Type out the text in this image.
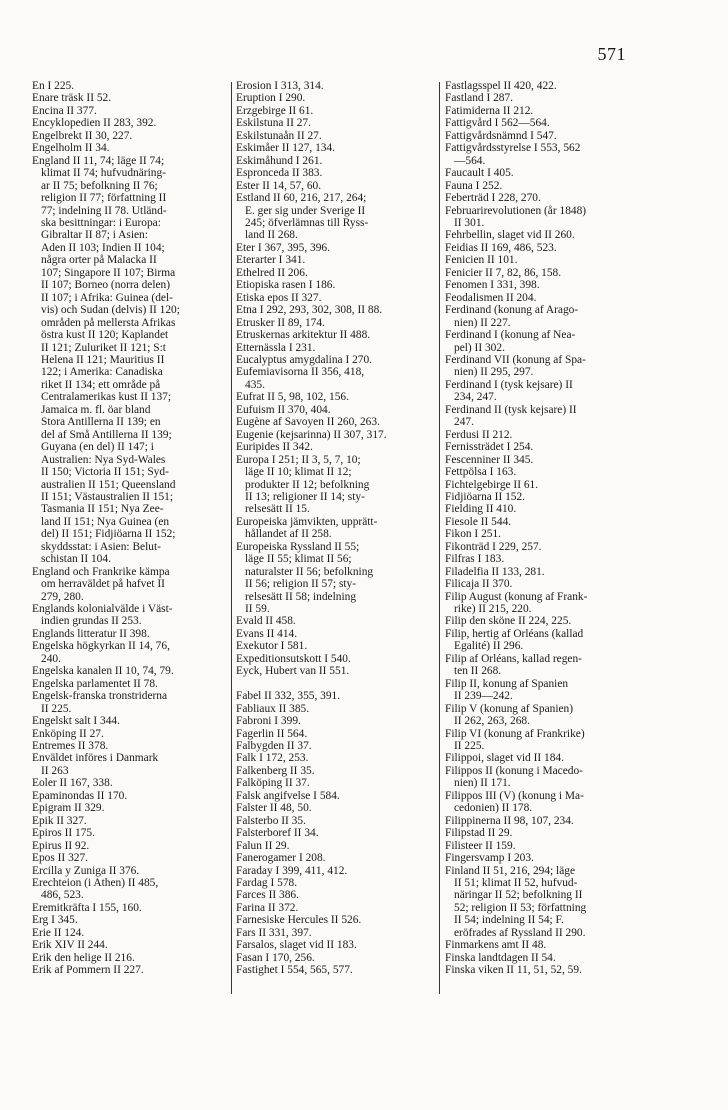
571

En I 225.

Enare träsk II 52.

Encina II 377.

Encyklopedien II 283, 392.

Engelbrekt II 30, 227.

Engelholm II 34.

England II 11, 74; läge II 74;

klimat II 74; hufvudnäring-

ar II 75; befolkning II 76;

religion II 77; författning II

77; indelning II 78. Utländ-

ska besittningar: i Europa:

Gibraltar II 87; i Asien:

Aden II 103; Indien II 104;

några orter på Malacka II

107; Singapore II 107; Birma

II 107; Borneo (norra delen)

II 107; i Afrika: Guinea (del-

vis) och Sudan (delvis) II 120;

områden på mellersta Afrikas

östra kust II 120; Kaplandet

II 121; Zuluriket II 121; S:t

Helena II 121; Mauritius II

122; i Amerika: Canadiska

riket II 134; ett område på

Centralamerikas kust II 137;

Jamaica m. fl. öar bland

Stora Antillerna II 139; en

del af Små Antillerna II 139;

Guyana (en del) II 147; i

Australien: Nya Syd-Wales

II 150; Victoria II 151; Syd-

australien II 151; Queensland

II 151; Västaustralien II 151;

Tasmania II 151; Nya Zee-

land II 151; Nya Guinea (en

del) II 151; Fidjiöarna II 152;

skyddsstat: i Asien: Belut-

schistan II 104.

England och Frankrike kämpa

om herraväldet på hafvet II

279, 280.

Englands kolonialvälde i Väst-

indien grundas II 253.

Englands litteratur II 398.

Engelska högkyrkan II 14, 76,

240.

Engelska kanalen II 10, 74, 79.

Engelska parlamentet II 78.

Engelsk-franska tronstriderna

II 225.

Engelskt salt I 344.

Enköping II 27.

Entremes II 378.

Enväldet införes i Danmark

II 263

Eoler II 167, 338.

Epaminondas II 170.

Epigram II 329.

Epik II 327.

Epiros II 175.

Epirus II 92.

Epos II 327.

Ercilla y Zuniga II 376.

Erechteion (i Athen) II 485,

486, 523.

Eremitkräfta I 155, 160.

Erg I 345.

Erie II 124.

Erik XIV II 244.

Erik den helige II 216.

Erik af Pommern II 227.

Erosion I 313, 314.

Eruption I 290.

Erzgebirge II 61.

Eskilstuna II 27.

Eskilstunaån II 27.

Eskimåer II 127, 134.

Eskimåhund I 261.

Espronceda II 383.

Ester II 14, 57, 60.

Estland II 60, 216, 217, 264;

E. ger sig under Sverige II

245; öfverlämnas till Ryss-

land II 268.

Eter I 367, 395, 396.

Eterarter I 341.

Ethelred II 206.

Etiopiska rasen I 186.

Etiska epos II 327.

Etna I 292, 293, 302, 308, II 88.

Etrusker II 89, 174.

Etruskernas arkitektur II 488.

Etternässla I 231.

Eucalyptus amygdalina I 270.

Eufemiavisorna II 356, 418,

435.

Eufrat II 5, 98, 102, 156.

Eufuism II 370, 404.

Eugène af Savoyen II 260, 263.

Eugenie (kejsarinna) II 307, 317.

Euripides II 342.

Europa I 251; II 3, 5, 7, 10;

läge II 10; klimat II 12;

produkter II 12; befolkning

II 13; religioner II 14; sty-

relsesätt II 15.

Europeiska jämvikten, upprätt-

hållandet af II 258.

Europeiska Ryssland II 55;

läge II 55; klimat II 56;

naturalster II 56; befolkning

II 56; religion II 57; sty-

relsesätt II 58; indelning

II 59.

Evald II 458.

Evans II 414.

Exekutor I 581.

Expeditionsutskott I 540.

Eyck, Hubert van II 551.

Fabel II 332, 355, 391.

Fabliaux II 385.

Fabroni I 399.

Fagerlin II 564.

Falbygden II 37.

Falk I 172, 253.

Falkenberg II 35.

Falköping II 37.

Falsk angifvelse I 584.

Falster II 48, 50.

Falsterbo II 35.

Falsterboref II 34.

Falun II 29.

Fanerogamer I 208.

Faraday I 399, 411, 412.

Fardag I 578.

Farces II 386.

Farina II 372.

Farnesiske Hercules II 526.

Fars II 331, 397.

Farsalos, slaget vid II 183.

Fasan I 170, 256.

Fastighet I 554, 565, 577.

Fastlagsspel II 420, 422.

Fastland I 287.

Fatimiderna II 212.

Fattigvård I 562—564.

Fattigvårdsnämnd I 547.

Fattigvårdsstyrelse I 553, 562

—564.

Faucault I 405.

Fauna I 252.

Feberträd I 228, 270.

Februarirevolutionen (år 1848)

II 301.

Fehrbellin, slaget vid II 260.

Feidias II 169, 486, 523.

Fenicien II 101.

Fenicier II 7, 82, 86, 158.

Fenomen I 331, 398.

Feodalismen II 204.

Ferdinand (konung af Arago-

nien) II 227.

Ferdinand I (konung af Nea-

pel) II 302.

Ferdinand VII (konung af Spa-

nien) II 295, 297.

Ferdinand I (tysk kejsare) II

234, 247.

Ferdinand II (tysk kejsare) II

247.

Ferdusi II 212.

Fernissträdet I 254.

Fescenniner II 345.

Fettpölsa I 163.

Fichtelgebirge II 61.

Fidjiöarna II 152.

Fielding II 410.

Fiesole II 544.

Fikon I 251.

Fikonträd I 229, 257.

Filfras I 183.

Filadelfia II 133, 281.

Filicaja II 370.

Filip August (konung af Frank-

rike) II 215, 220.

Filip den sköne II 224, 225.

Filip, hertig af Orléans (kallad

Egalité) II 296.

Filip af Orléans, kallad regen-

ten II 268.

Filip II, konung af Spanien

II 239—242.

Filip V (konung af Spanien)

II 262, 263, 268.

Filip VI (konung af Frankrike)

II 225.

Filippoi, slaget vid II 184.

Filippos II (konung i Macedo-

nien) II 171.

Filippos III (V) (konung i Ma-

cedonien) II 178.

Filippinerna II 98, 107, 234.

Filipstad II 29.

Filisteer II 159.

Fingersvamp I 203.

Finland II 51, 216, 294; läge

II 51; klimat II 52, hufvud-

näringar II 52; befolkning II

52; religion II 53; författning

II 54; indelning II 54; F.

eröfrades af Ryssland II 290.

Finmarkens amt II 48.

Finska landtdagen II 54.

Finska viken II 11, 51, 52, 59.
